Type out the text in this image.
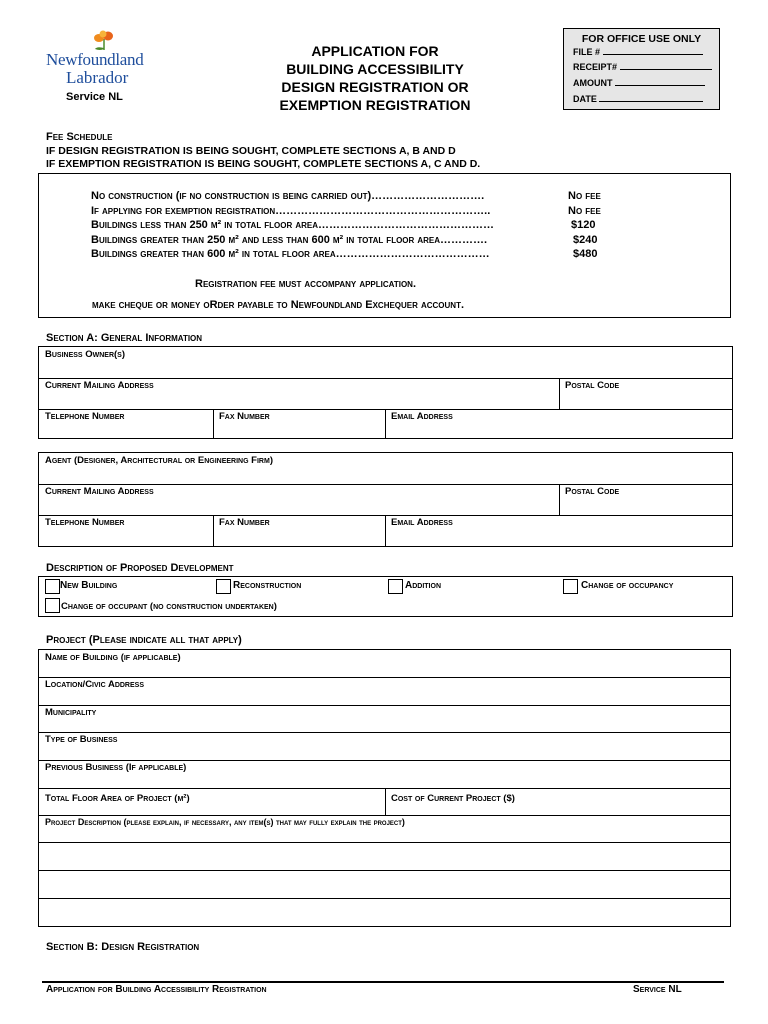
Newfoundland
Labrador
Service NL
APPLICATION FOR
BUILDING ACCESSIBILITY
DESIGN REGISTRATION OR
EXEMPTION REGISTRATION
FOR OFFICE USE ONLY
FILE #
RECEIPT#
AMOUNT
DATE
Fee Schedule
IF DESIGN REGISTRATION IS BEING SOUGHT, COMPLETE SECTIONS A, B AND D
IF EXEMPTION REGISTRATION IS BEING SOUGHT, COMPLETE SECTIONS A, C AND D.
No construction (if no construction is being carried out)………………………….	No fee
If applying for exemption registration…………………………………………………..	No fee
Buildings less than 250 m² in total floor area…………………………………………	$120
Buildings greater than 250 m² and less than 600 m² in total floor area………….	$240
Buildings greater than 600 m² in total floor area……………………………………	$480
Registration fee must accompany application.
make cheque or money oRder payable to Newfoundland Exchequer account.
Section A: General Information
Business Owner(s)
Current Mailing Address	Postal Code
Telephone Number	Fax Number	Email Address
Agent (Designer, Architectural or Engineering Firm)
Current Mailing Address	Postal Code
Telephone Number	Fax Number	Email Address
Description of Proposed Development
New Building	Reconstruction	Addition	Change of occupancy
Change of occupant (no construction undertaken)
Project (Please indicate all that apply)
Name of Building (if applicable)
Location/Civic Address
Municipality
Type of Business
Previous Business (If applicable)
Total Floor Area of Project (m²)	Cost of Current Project ($)
Project Description (please explain, if necessary, any item(s) that may fully explain the project)
Section B: Design Registration
Application for Building Accessibility Registration	Service NL
